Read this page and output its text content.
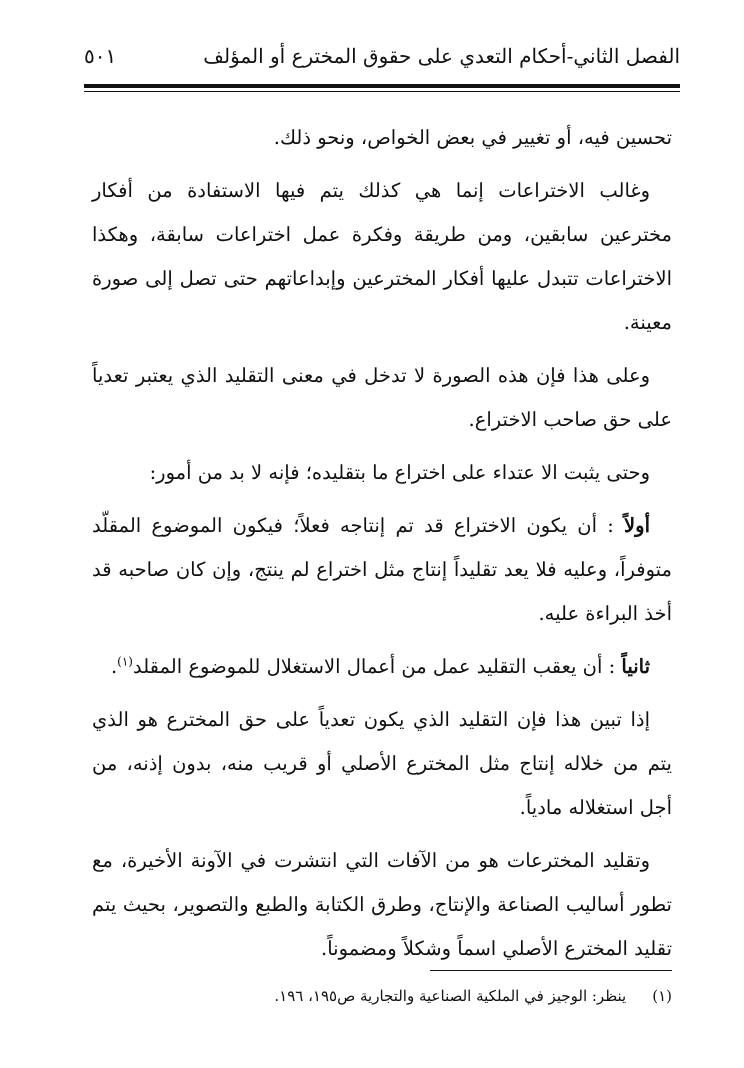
الفصل الثاني-أحكام التعدي على حقوق المخترع أو المؤلف
٥٠١

تحسين فيه، أو تغيير في بعض الخواص، ونحو ذلك.

وغالب الاختراعات إنما هي كذلك يتم فيها الاستفادة من أفكار مخترعين سابقين، ومن طريقة وفكرة عمل اختراعات سابقة، وهكذا الاختراعات تتبدل عليها أفكار المخترعين وإبداعاتهم حتى تصل إلى صورة معينة.

وعلى هذا فإن هذه الصورة لا تدخل في معنى التقليد الذي يعتبر تعدياً على حق صاحب الاختراع.

وحتى يثبت الا عتداء على اختراع ما بتقليده؛ فإنه لا بد من أمور:

أولاً : أن يكون الاختراع قد تم إنتاجه فعلاً؛ فيكون الموضوع المقلّد متوفراً، وعليه فلا يعد تقليداً إنتاج مثل اختراع لم ينتج، وإن كان صاحبه قد أخذ البراءة عليه.

ثانياً : أن يعقب التقليد عمل من أعمال الاستغلال للموضوع المقلد$^{(١)}$.

إذا تبين هذا فإن التقليد الذي يكون تعدياً على حق المخترع هو الذي يتم من خلاله إنتاج مثل المخترع الأصلي أو قريب منه، بدون إذنه، من أجل استغلاله مادياً.

وتقليد المخترعات هو من الآفات التي انتشرت في الآونة الأخيرة، مع تطور أساليب الصناعة والإنتاج، وطرق الكتابة والطبع والتصوير، بحيث يتم تقليد المخترع الأصلي اسماً وشكلاً ومضموناً.

(١)ينظر: الوجيز في الملكية الصناعية والتجارية ص١٩٥، ١٩٦.
